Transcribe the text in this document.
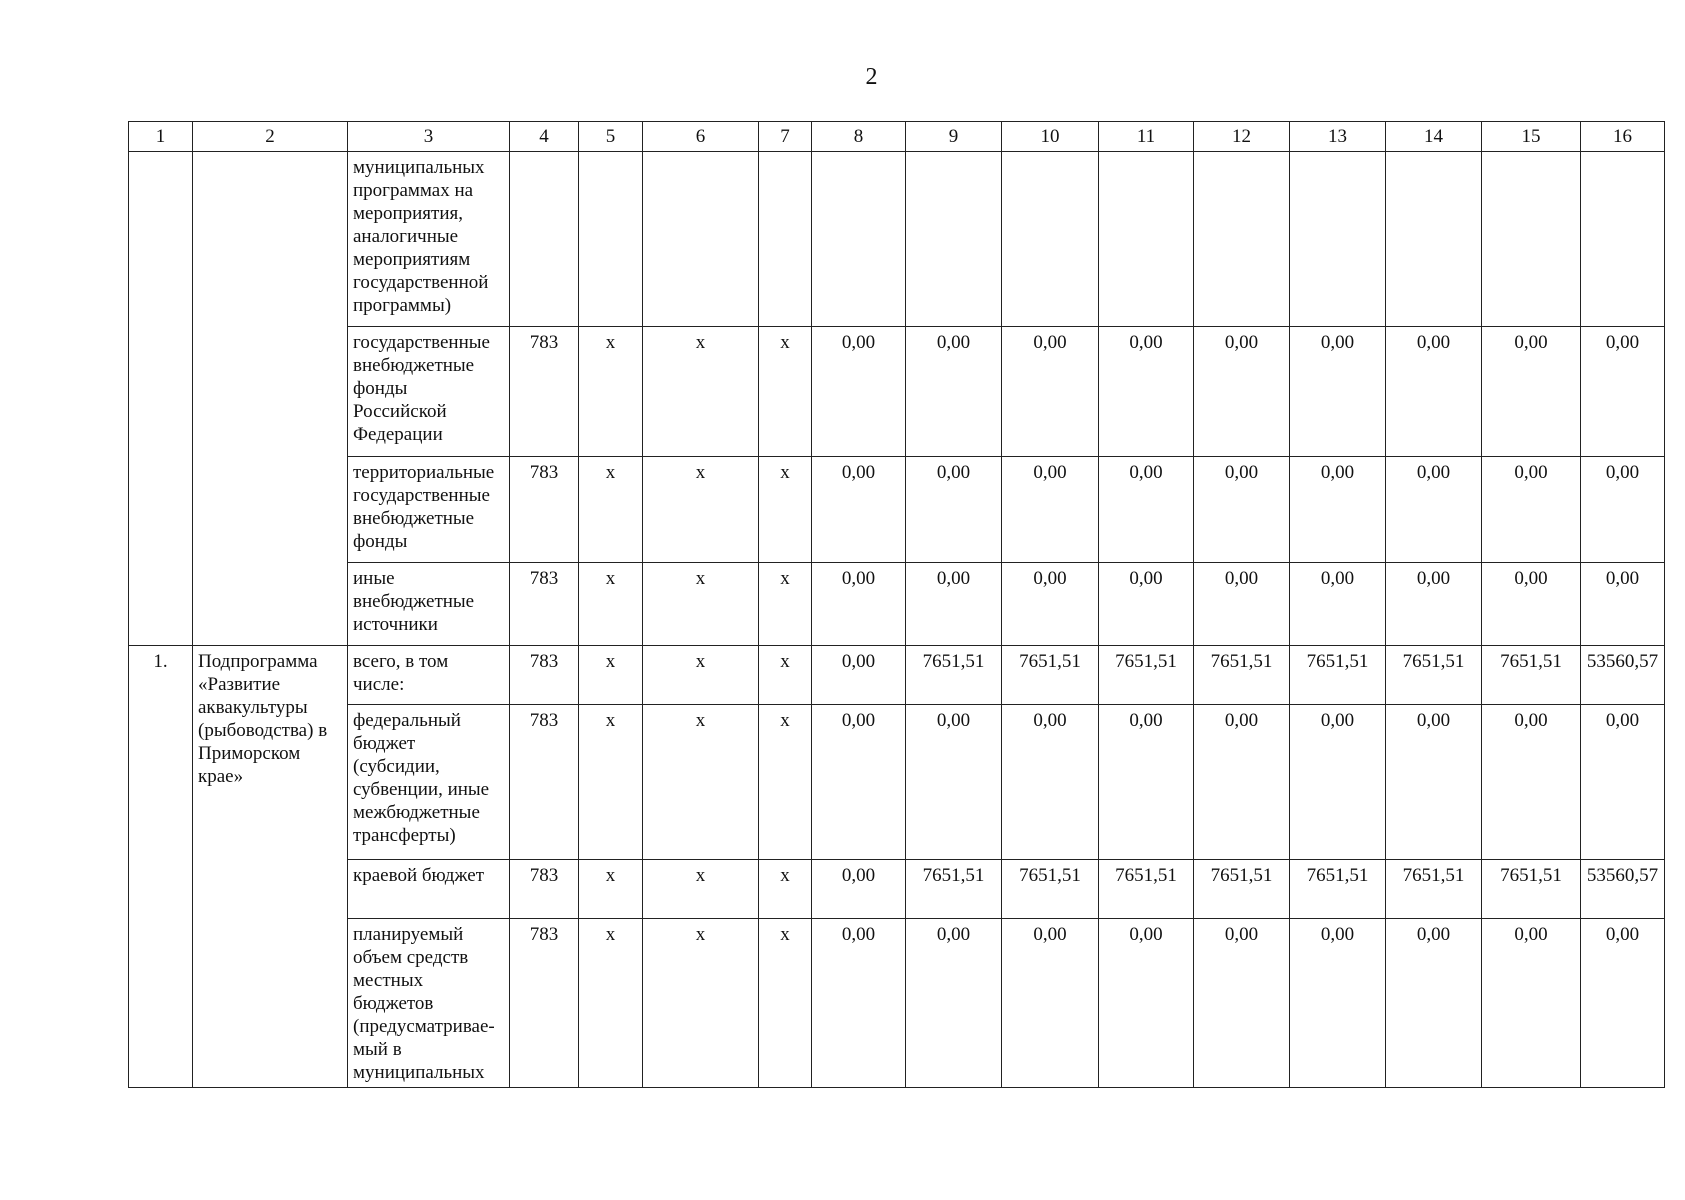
2
1	2	3	4	5	6	7	8	9	10	11	12	13	14	15	16
		муниципальных программах на мероприятия, аналогичные мероприятиям государственной программы)													
		государственные внебюджетные фонды Российской Федерации	783	x	x	x	0,00	0,00	0,00	0,00	0,00	0,00	0,00	0,00	0,00
		территориальные государственные внебюджетные фонды	783	x	x	x	0,00	0,00	0,00	0,00	0,00	0,00	0,00	0,00	0,00
		иные внебюджетные источники	783	x	x	x	0,00	0,00	0,00	0,00	0,00	0,00	0,00	0,00	0,00
1.	Подпрограмма «Развитие аквакультуры (рыбоводства) в Приморском крае»	всего, в том числе:	783	x	x	x	0,00	7651,51	7651,51	7651,51	7651,51	7651,51	7651,51	7651,51	53560,57
		федеральный бюджет (субсидии, субвенции, иные межбюджетные трансферты)	783	x	x	x	0,00	0,00	0,00	0,00	0,00	0,00	0,00	0,00	0,00
		краевой бюджет	783	x	x	x	0,00	7651,51	7651,51	7651,51	7651,51	7651,51	7651,51	7651,51	53560,57
		планируемый объем средств местных бюджетов (предусматривае-мый в муниципальных	783	x	x	x	0,00	0,00	0,00	0,00	0,00	0,00	0,00	0,00	0,00
